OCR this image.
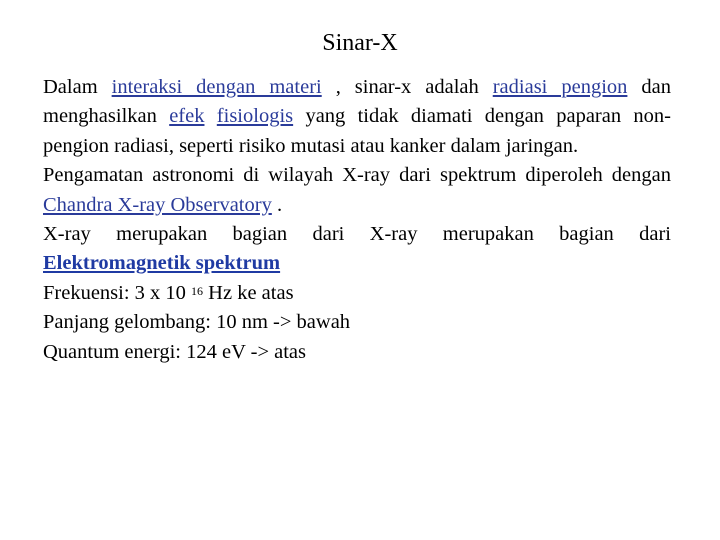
Sinar-X

Dalam interaksi dengan materi , sinar-x adalah radiasi pengion dan menghasilkan efek fisiologis yang tidak diamati dengan paparan non-pengion radiasi, seperti risiko mutasi atau kanker dalam jaringan.

Pengamatan astronomi di wilayah X-ray dari spektrum diperoleh dengan Chandra X-ray Observatory .

X-ray merupakan bagian dari X-ray merupakan bagian dari Elektromagnetik spektrum

Frekuensi: 3 x 10 $^{16}$ Hz ke atas

Panjang gelombang: 10 nm -> bawah

Quantum energi: 124 eV -> atas
